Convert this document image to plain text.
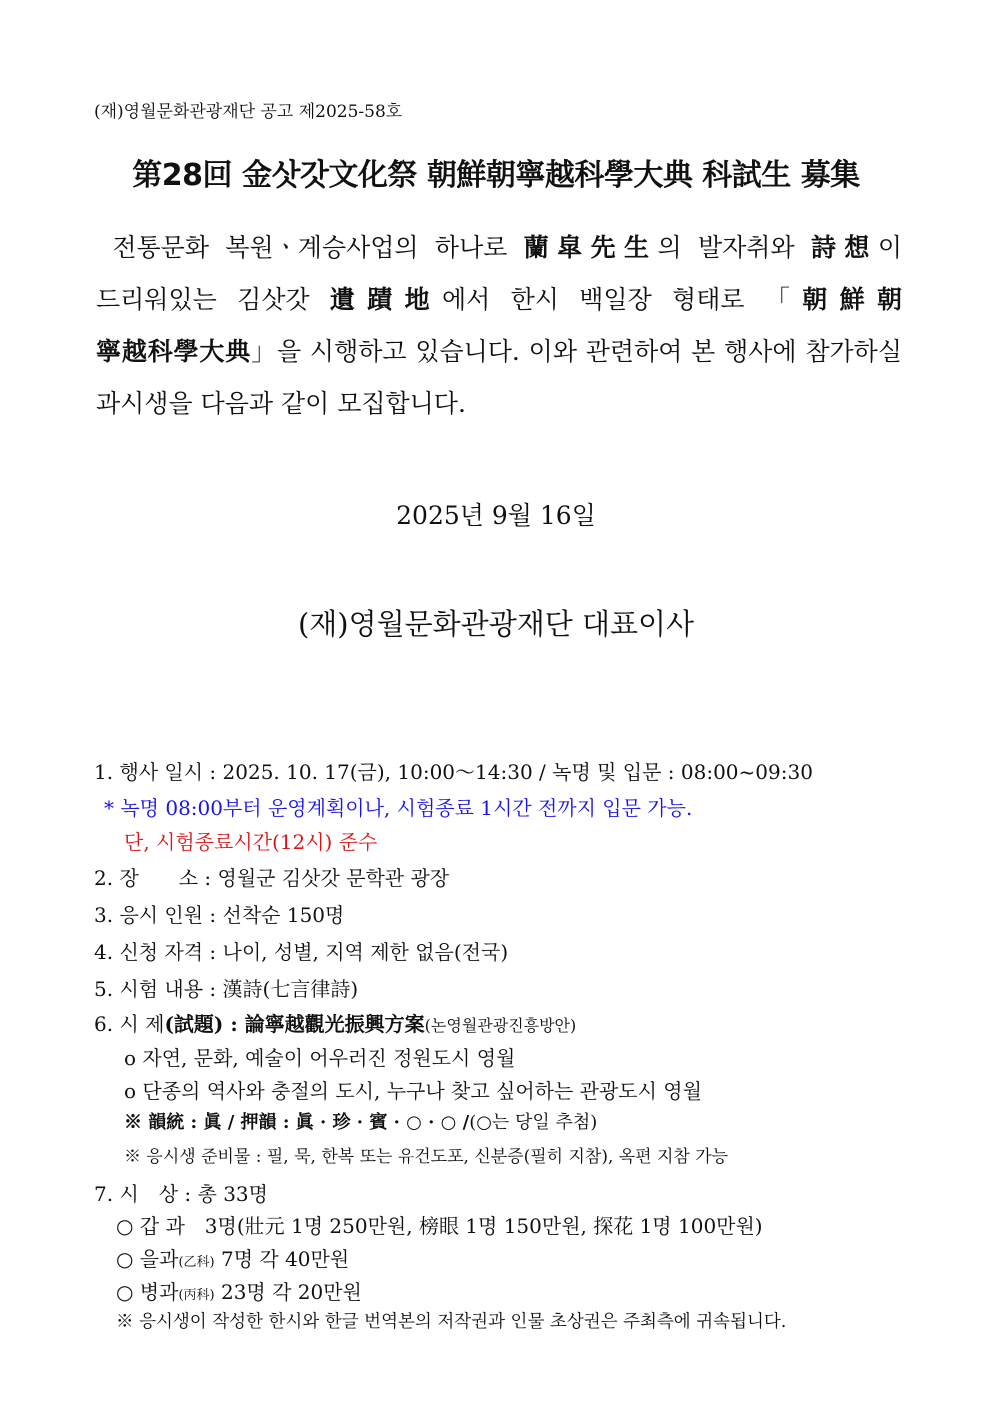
(재)영월문화관광재단 공고 제2025-58호
第28回 金삿갓文化祭 朝鮮朝寧越科學大典 科試生 募集

전통문화 복원ㆍ계승사업의 하나로 蘭皐先生의 발자취와 詩想이 드리워있는 김삿갓 遺蹟地에서 한시 백일장 형태로 「朝鮮朝 寧越科學大典」을 시행하고 있습니다. 이와 관련하여 본 행사에 참가하실 과시생을 다음과 같이 모집합니다.

2025년 9월 16일
(재)영월문화관광재단 대표이사
1. 행사 일시 : 2025. 10. 17(금), 10:00～14:30 / 녹명 및 입문 : 08:00~09:30
* 녹명 08:00부터 운영계획이나, 시험종료 1시간 전까지 입문 가능.
단, 시험종료시간(12시) 준수
2. 장　　소 : 영월군 김삿갓 문학관 광장
3. 응시 인원 : 선착순 150명
4. 신청 자격 : 나이, 성별, 지역 제한 없음(전국)
5. 시험 내용 : 漢詩(七言律詩)
6. 시 제(試題) : 論寧越觀光振興方案(논영월관광진흥방안)
o 자연, 문화, 예술이 어우러진 정원도시 영월
o 단종의 역사와 충절의 도시, 누구나 찾고 싶어하는 관광도시 영월
※ 韻統 : 眞 / 押韻 : 眞 · 珍 · 賓 · ○ · ○ /(○는 당일 추첨)
※ 응시생 준비물 : 필, 묵, 한복 또는 유건도포, 신분증(필히 지참), 옥편 지참 가능
7. 시　상 : 총 33명
○ 갑 과　3명(壯元 1명 250만원, 榜眼 1명 150만원, 探花 1명 100만원)
○ 을과(乙科) 7명 각 40만원
○ 병과(丙科) 23명 각 20만원
※ 응시생이 작성한 한시와 한글 번역본의 저작권과 인물 초상권은 주최측에 귀속됩니다.
